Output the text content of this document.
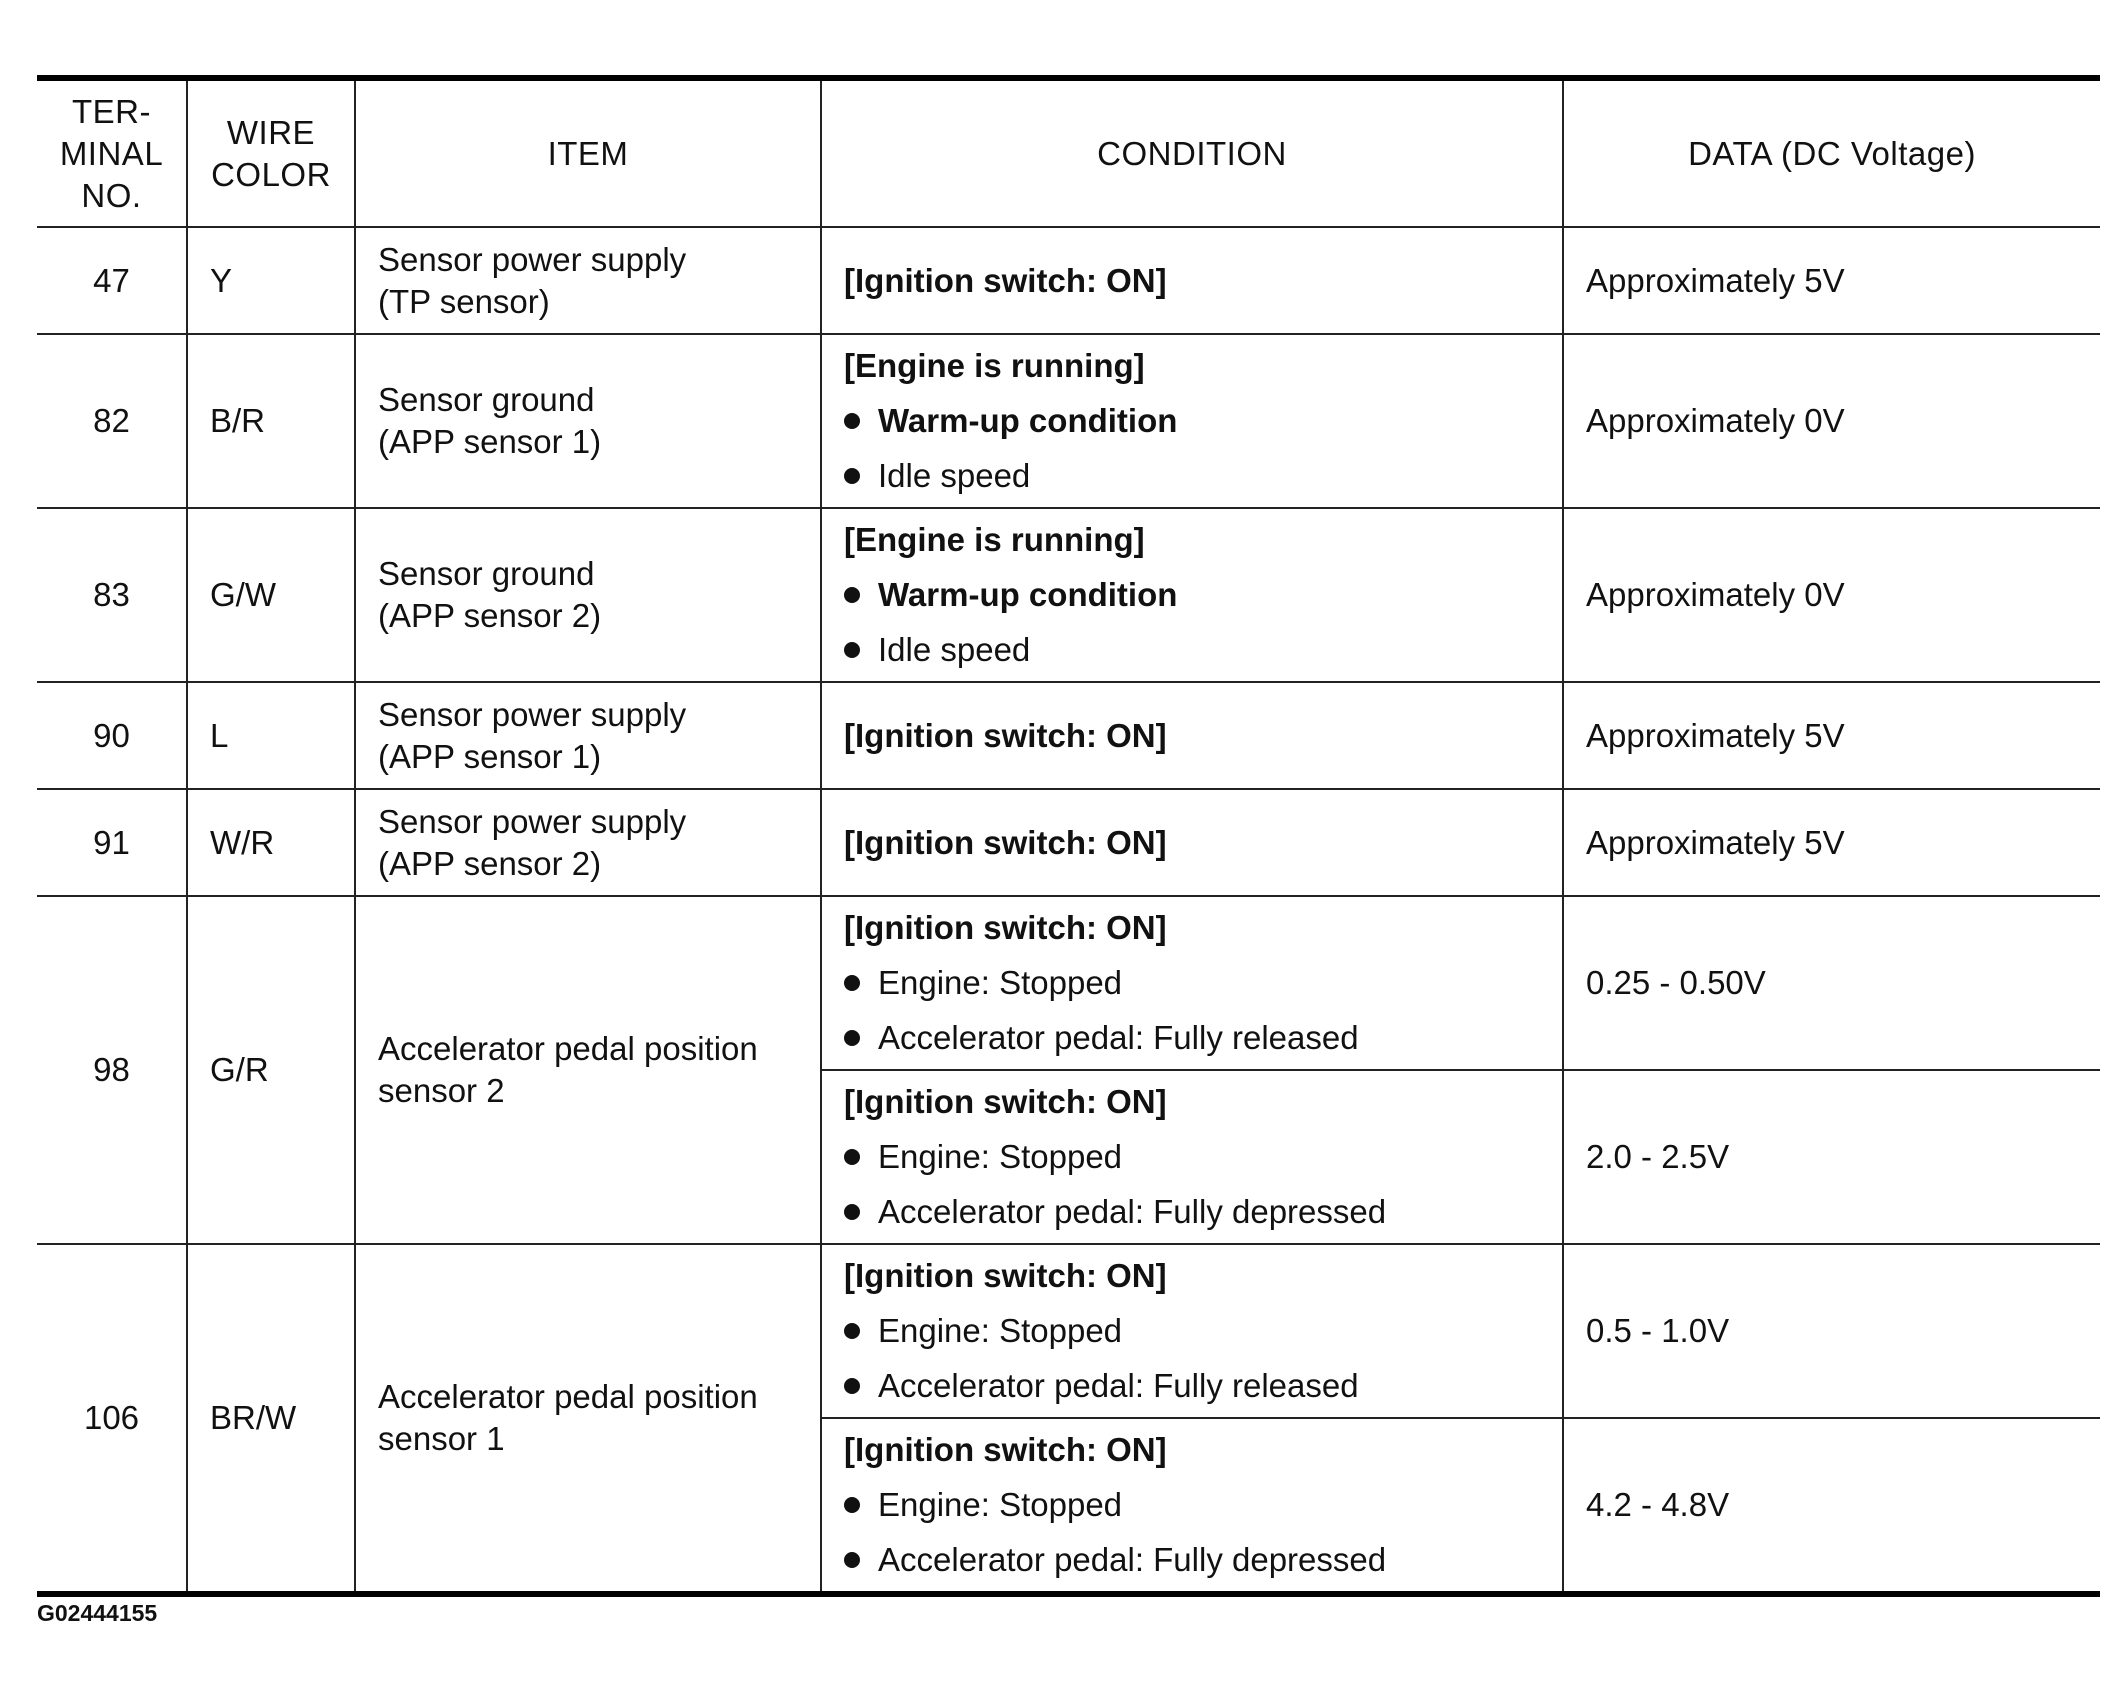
TER-
MINAL
NO.	WIRE
COLOR	ITEM	CONDITION	DATA (DC Voltage)
47	Y	Sensor power supply
(TP sensor)	[Ignition switch: ON]	Approximately 5V
82	B/R	Sensor ground
(APP sensor 1)	[Engine is running]
Warm-up condition
Idle speed	Approximately 0V
83	G/W	Sensor ground
(APP sensor 2)	[Engine is running]
Warm-up condition
Idle speed	Approximately 0V
90	L	Sensor power supply
(APP sensor 1)	[Ignition switch: ON]	Approximately 5V
91	W/R	Sensor power supply
(APP sensor 2)	[Ignition switch: ON]	Approximately 5V
98	G/R	Accelerator pedal position
sensor 2	[Ignition switch: ON]
Engine: Stopped
Accelerator pedal: Fully released	0.25 - 0.50V

			[Ignition switch: ON]
Engine: Stopped
Accelerator pedal: Fully depressed	2.0 - 2.5V
106	BR/W	Accelerator pedal position
sensor 1	[Ignition switch: ON]
Engine: Stopped
Accelerator pedal: Fully released	0.5 - 1.0V

			[Ignition switch: ON]
Engine: Stopped
Accelerator pedal: Fully depressed	4.2 - 4.8V
G02444155
